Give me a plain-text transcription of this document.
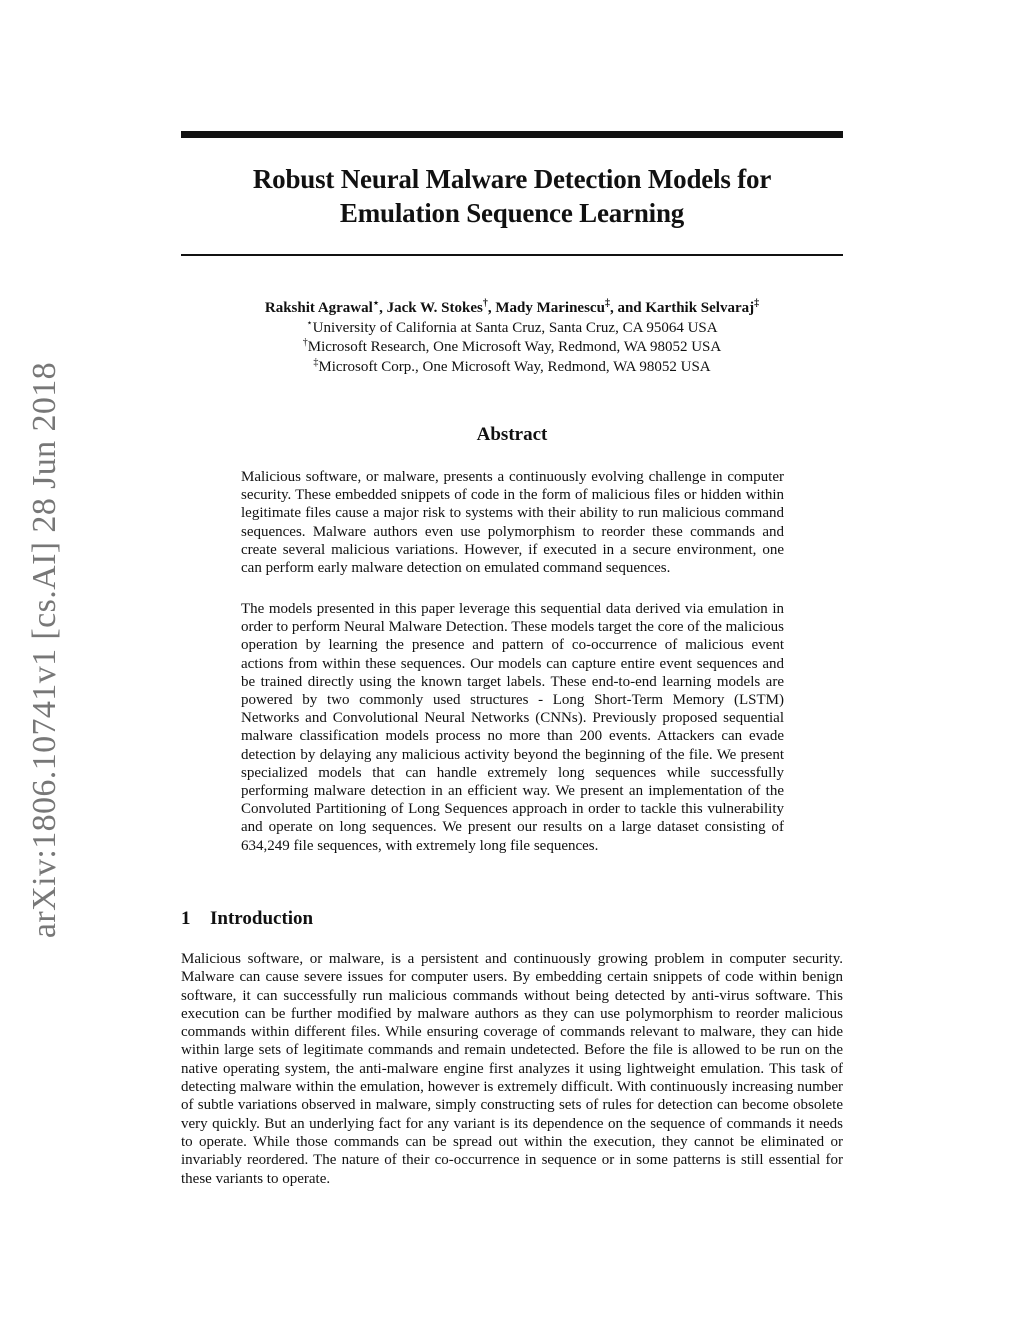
arXiv:1806.10741v1 [cs.AI] 28 Jun 2018
Robust Neural Malware Detection Models for
Emulation Sequence Learning
Rakshit Agrawal⋆, Jack W. Stokes†, Mady Marinescu‡, and Karthik Selvaraj‡
⋆University of California at Santa Cruz, Santa Cruz, CA 95064 USA
†Microsoft Research, One Microsoft Way, Redmond, WA 98052 USA
‡Microsoft Corp., One Microsoft Way, Redmond, WA 98052 USA
Abstract

Malicious software, or malware, presents a continuously evolving challenge in computer security. These embedded snippets of code in the form of malicious files or hidden within legitimate files cause a major risk to systems with their ability to run malicious command sequences. Malware authors even use polymorphism to reorder these commands and create several malicious variations. However, if executed in a secure environment, one can perform early malware detection on emulated command sequences.

The models presented in this paper leverage this sequential data derived via emulation in order to perform Neural Malware Detection. These models target the core of the malicious operation by learning the presence and pattern of co-occurrence of malicious event actions from within these sequences. Our models can capture entire event sequences and be trained directly using the known target labels. These end-to-end learning models are powered by two commonly used structures - Long Short-Term Memory (LSTM) Networks and Convolutional Neural Networks (CNNs). Previously proposed sequential malware classification models process no more than 200 events. Attackers can evade detection by delaying any malicious activity beyond the beginning of the file. We present specialized models that can handle extremely long sequences while successfully performing malware detection in an efficient way. We present an implementation of the Convoluted Partitioning of Long Sequences approach in order to tackle this vulnerability and operate on long sequences. We present our results on a large dataset consisting of 634,249 file sequences, with extremely long file sequences.

1 Introduction

Malicious software, or malware, is a persistent and continuously growing problem in computer security. Malware can cause severe issues for computer users. By embedding certain snippets of code within benign software, it can successfully run malicious commands without being detected by anti-virus software. This execution can be further modified by malware authors as they can use polymorphism to reorder malicious commands within different files. While ensuring coverage of commands relevant to malware, they can hide within large sets of legitimate commands and remain undetected. Before the file is allowed to be run on the native operating system, the anti-malware engine first analyzes it using lightweight emulation. This task of detecting malware within the emulation, however is extremely difficult. With continuously increasing number of subtle variations observed in malware, simply constructing sets of rules for detection can become obsolete very quickly. But an underlying fact for any variant is its dependence on the sequence of commands it needs to operate. While those commands can be spread out within the execution, they cannot be eliminated or invariably reordered. The nature of their co-occurrence in sequence or in some patterns is still essential for these variants to operate.
